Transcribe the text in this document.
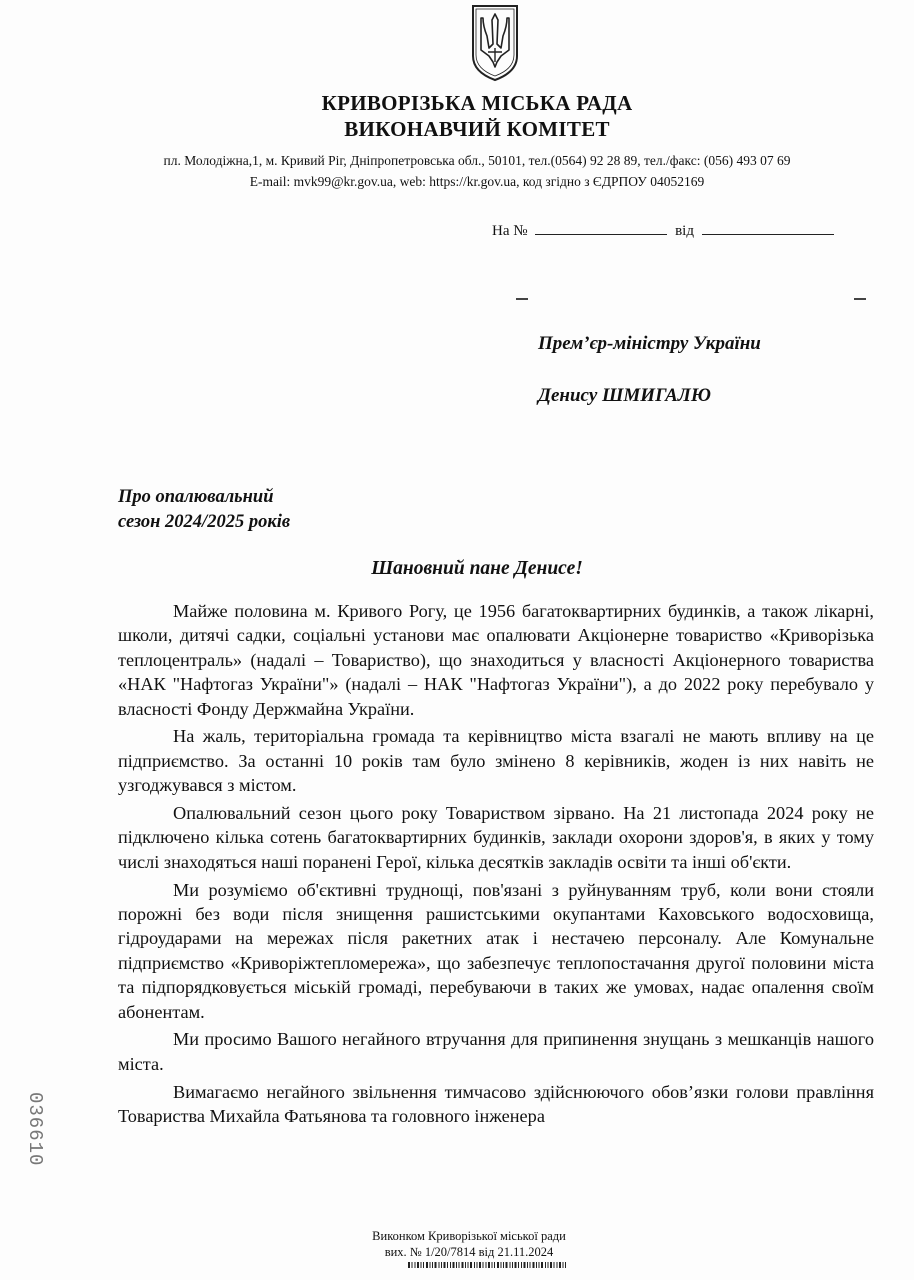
КРИВОРІЗЬКА МІСЬКА РАДА
ВИКОНАВЧИЙ КОМІТЕТ
пл. Молодіжна,1, м. Кривий Ріг, Дніпропетровська обл., 50101, тел.(0564) 92 28 89, тел./факс: (056) 493 07 69
E-mail: mvk99@kr.gov.ua, web: https://kr.gov.ua, код згідно з ЄДРПОУ 04052169
На №	від
Прем’єр-міністру України
Денису ШМИГАЛЮ
Про опалювальний
сезон 2024/2025 років
Шановний пане Денисе!

Майже половина м. Кривого Рогу, це 1956 багатоквартирних будинків, а також лікарні, школи, дитячі садки, соціальні установи має опалювати Акціонерне товариство «Криворізька теплоцентраль» (надалі – Товариство), що знаходиться у власності Акціонерного товариства «НАК "Нафтогаз України"» (надалі – НАК "Нафтогаз України"), а до 2022 року перебувало у власності Фонду Держмайна України.

На жаль, територіальна громада та керівництво міста взагалі не мають впливу на це підприємство. За останні 10 років там було змінено 8 керівників, жоден із них навіть не узгоджувався з містом.

Опалювальний сезон цього року Товариством зірвано. На 21 листопада 2024 року не підключено кілька сотень багатоквартирних будинків, заклади охорони здоров'я, в яких у тому числі знаходяться наші поранені Герої, кілька десятків закладів освіти та інші об'єкти.

Ми розуміємо об'єктивні труднощі, пов'язані з руйнуванням труб, коли вони стояли порожні без води після знищення рашистськими окупантами Каховського водосховища, гідроударами на мережах після ракетних атак і нестачею персоналу. Але Комунальне підприємство «Криворіжтепломережа», що забезпечує теплопостачання другої половини міста та підпорядковується міській громаді, перебуваючи в таких же умовах, надає опалення своїм абонентам.

Ми просимо Вашого негайного втручання для припинення знущань з мешканців нашого міста.

Вимагаємо негайного звільнення тимчасово здійснюючого обов’язки голови правління Товариства Михайла Фатьянова та головного інженера

036610
Виконком Криворізької міської ради
вих. № 1/20/7814 від 21.11.2024
